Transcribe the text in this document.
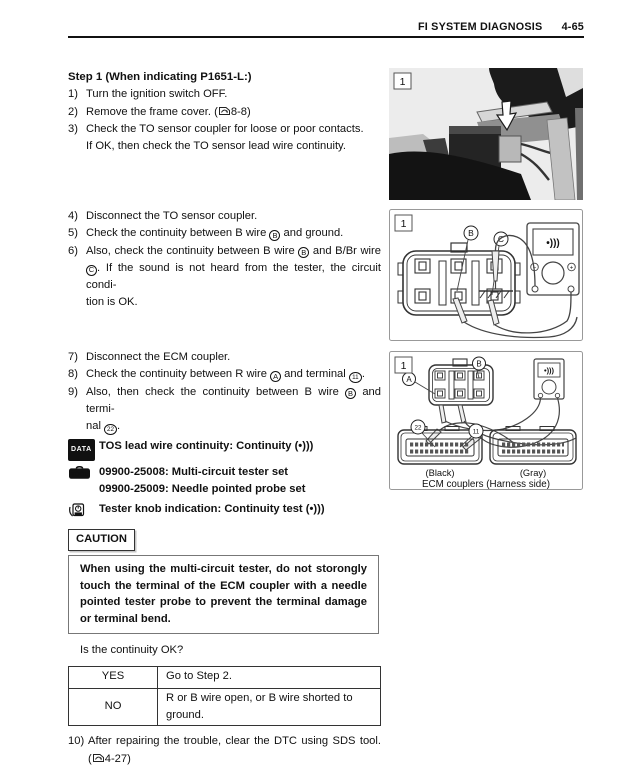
FI SYSTEM DIAGNOSIS 4-65
Step 1 (When indicating P1651-L:)
1) Turn the ignition switch OFF.
2) Remove the frame cover. ( 8-8)
3) Check the TO sensor coupler for loose or poor contacts.
If OK, then check the TO sensor lead wire continuity.
4) Disconnect the TO sensor coupler.
5) Check the continuity between B wire B and ground.
6) Also, check the continuity between B wire B and B/Br wire
C . If the sound is not heard from the tester, the circuit condi-
tion is OK.
7) Disconnect the ECM coupler.
8) Check the continuity between R wire A and terminal 11 .
9) Also, then check the continuity between B wire B and termi-
nal 22 .
DATA TOS lead wire continuity: Continuity (•)))
TOOL 09900-25008: Multi-circuit tester set
09900-25009: Needle pointed probe set
Tester knob indication: Continuity test (•)))
CAUTION
When using the multi-circuit tester, do not storongly
touch the terminal of the ECM coupler with a needle
pointed tester probe to prevent the terminal damage
or terminal bend.
Is the continuity OK?
YES	Go to Step 2.
NO	R or B wire open, or B wire shorted to ground.
10) After repairing the trouble, clear the DTC using SDS tool.
( 4-27)
1
B
C	•)))
−	+
1
A
B
•)))
22
11
(Black)	(Gray)
ECM couplers (Harness side)
1
